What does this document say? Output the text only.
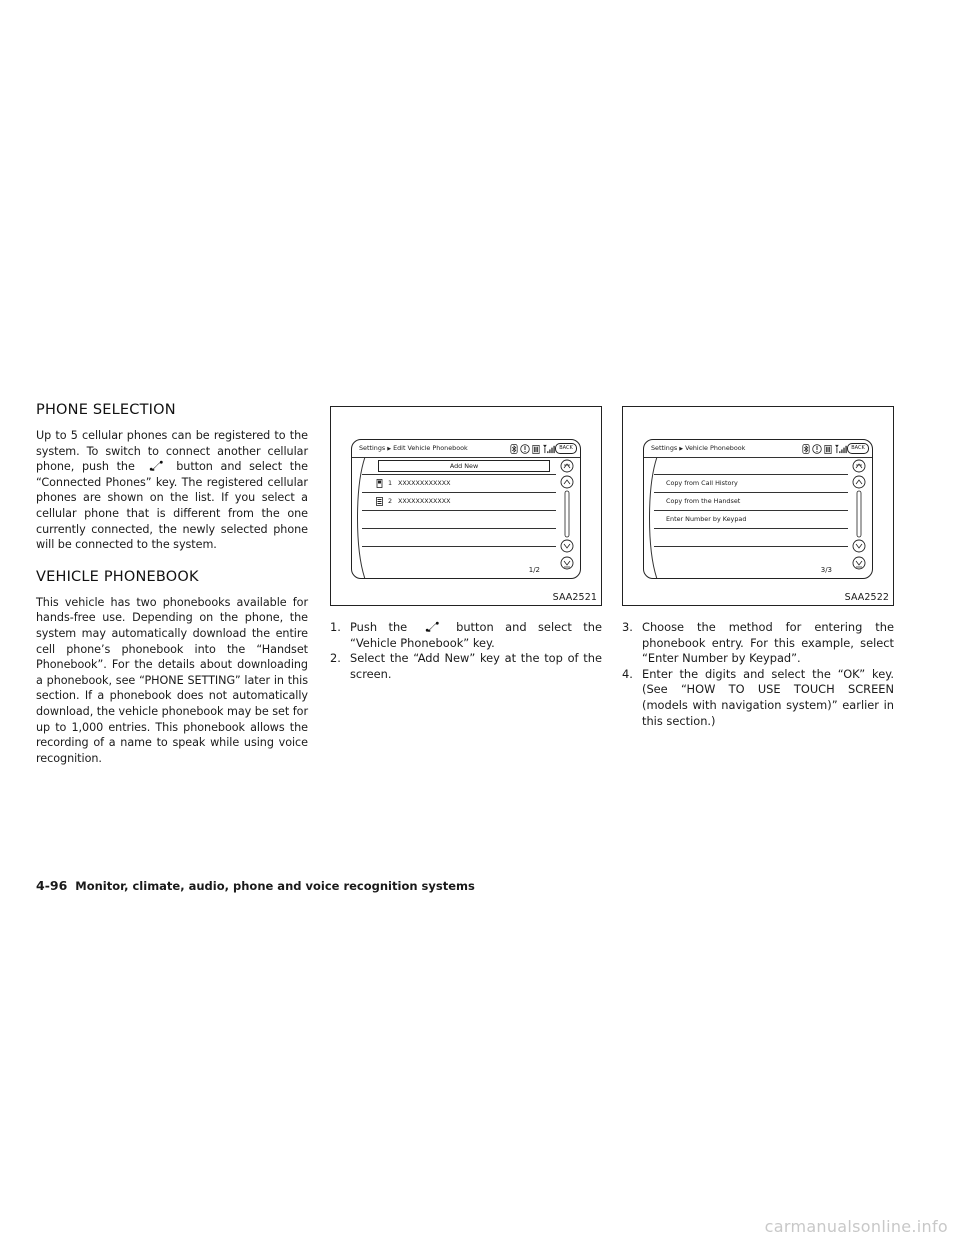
PHONE SELECTION

Up to 5 cellular phones can be registered to the system. To switch to connect another cellular phone, push the	button and select the “Connected Phones” key. The registered cellular phones are shown on the list. If you select a cellular phone that is different from the one currently connected, the newly selected phone will be connected to the system.

VEHICLE PHONEBOOK

This vehicle has two phonebooks available for hands-free use. Depending on the phone, the system may automatically download the entire cell phone’s phonebook into the “Handset Phonebook”. For the details about downloading a phonebook, see “PHONE SETTING” later in this section. If a phonebook does not automatically download, the vehicle phonebook may be set for up to 1,000 entries. This phonebook allows the recording of a name to speak while using voice recognition.

Settings ▶ Edit Vehicle Phonebook	BACK
Add New
1 XXXXXXXXXXXX
2 XXXXXXXXXXXX
1/2
SAA2521
1. Push the	button and select the “Vehicle Phonebook” key.
2. Select the “Add New” key at the top of the screen.
Settings ▶ Vehicle Phonebook	BACK
Copy from Call History
Copy from the Handset
Enter Number by Keypad
3/3
SAA2522
3. Choose the method for entering the phonebook entry. For this example, select “Enter Number by Keypad”.
4. Enter the digits and select the “OK” key. (See “HOW TO USE TOUCH SCREEN (models with navigation system)” earlier in this section.)
4-96 Monitor, climate, audio, phone and voice recognition systems
carmanualsonline.info
